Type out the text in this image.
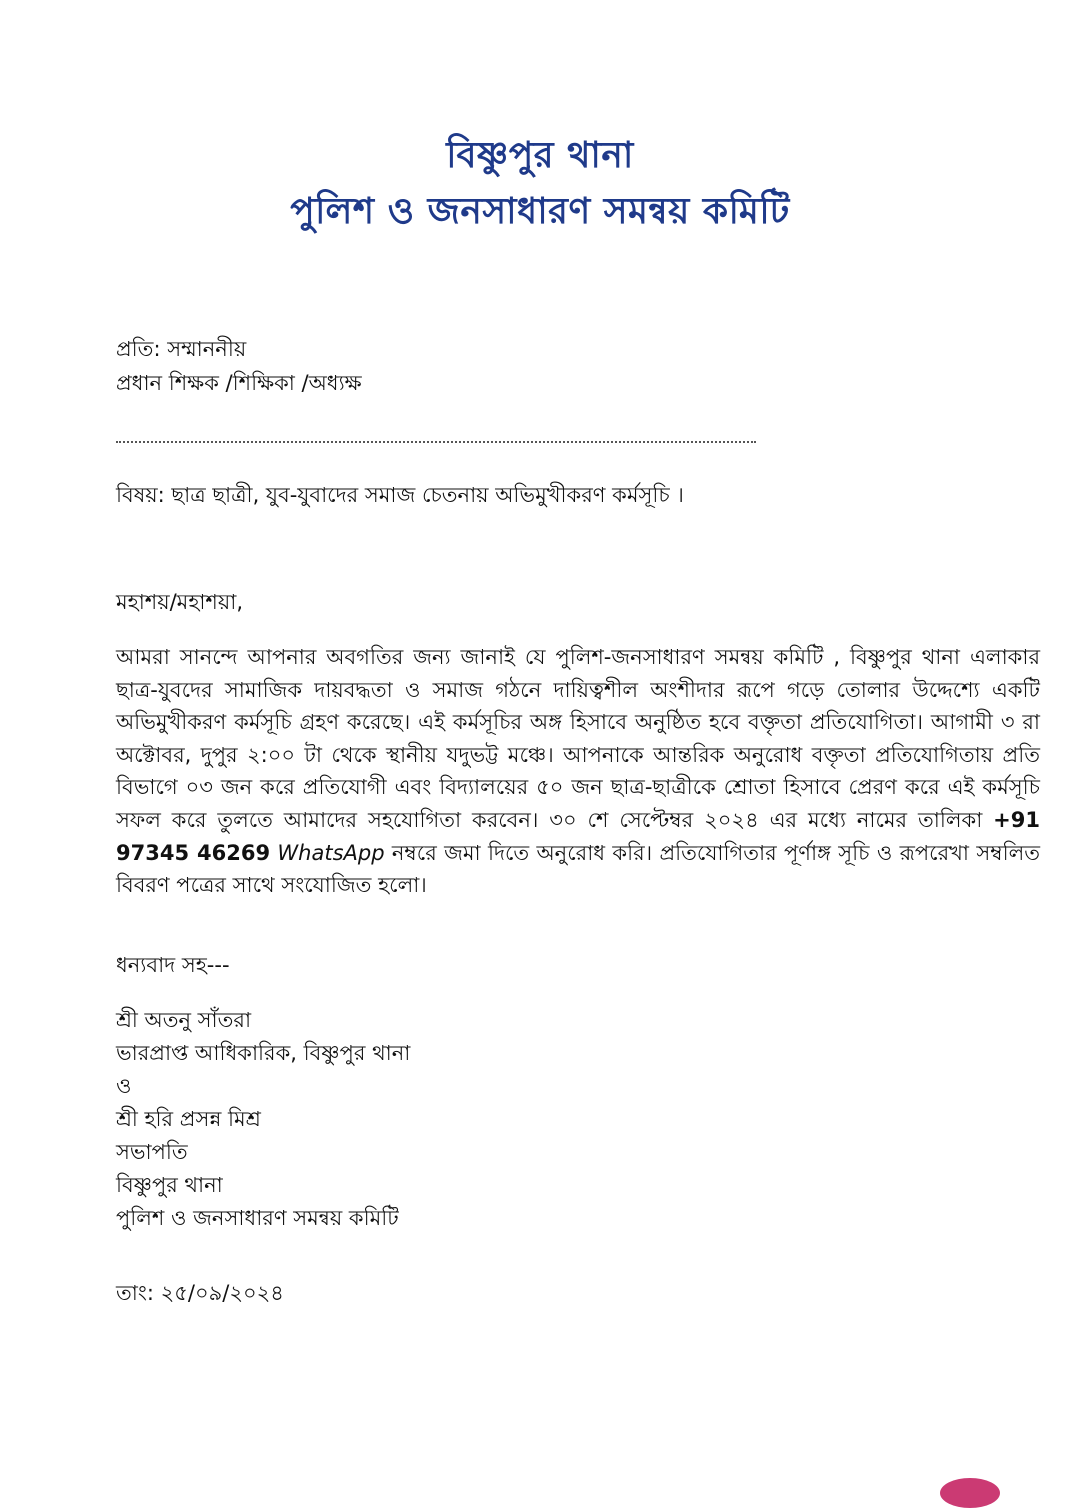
বিষ্ণুপুর থানা
পুলিশ ও জনসাধারণ সমন্বয় কমিটি
প্রতি: সম্মাননীয়
প্রধান শিক্ষক /শিক্ষিকা /অধ্যক্ষ
বিষয়: ছাত্র ছাত্রী, যুব-যুবাদের সমাজ চেতনায় অভিমুখীকরণ কর্মসূচি ।
মহাশয়/মহাশয়া,
আমরা সানন্দে আপনার অবগতির জন্য জানাই যে পুলিশ-জনসাধারণ সমন্বয় কমিটি , বিষ্ণুপুর থানা এলাকার ছাত্র-যুবদের সামাজিক দায়বদ্ধতা ও সমাজ গঠনে দায়িত্বশীল অংশীদার রূপে গড়ে তোলার উদ্দেশ্যে একটি অভিমুখীকরণ কর্মসূচি গ্রহণ করেছে। এই কর্মসূচির অঙ্গ হিসাবে অনুষ্ঠিত হবে বক্তৃতা প্রতিযোগিতা। আগামী ৩ রা অক্টোবর, দুপুর ২:০০ টা থেকে স্থানীয় যদুভট্ট মঞ্চে। আপনাকে আন্তরিক অনুরোধ বক্তৃতা প্রতিযোগিতায় প্রতি বিভাগে ০৩ জন করে প্রতিযোগী এবং বিদ্যালয়ের ৫০ জন ছাত্র-ছাত্রীকে শ্রোতা হিসাবে প্রেরণ করে এই কর্মসূচি সফল করে তুলতে আমাদের সহযোগিতা করবেন। ৩০ শে সেপ্টেম্বর ২০২৪ এর মধ্যে নামের তালিকা +91 97345 46269 WhatsApp নম্বরে জমা দিতে অনুরোধ করি। প্রতিযোগিতার পূর্ণাঙ্গ সূচি ও রূপরেখা সম্বলিত বিবরণ পত্রের সাথে সংযোজিত হলো।
ধন্যবাদ সহ---
শ্রী অতনু সাঁতরা
ভারপ্রাপ্ত আধিকারিক, বিষ্ণুপুর থানা
ও
শ্রী হরি প্রসন্ন মিশ্র
সভাপতি
বিষ্ণুপুর থানা
পুলিশ ও জনসাধারণ সমন্বয় কমিটি
তাং: ২৫/০৯/২০২৪
